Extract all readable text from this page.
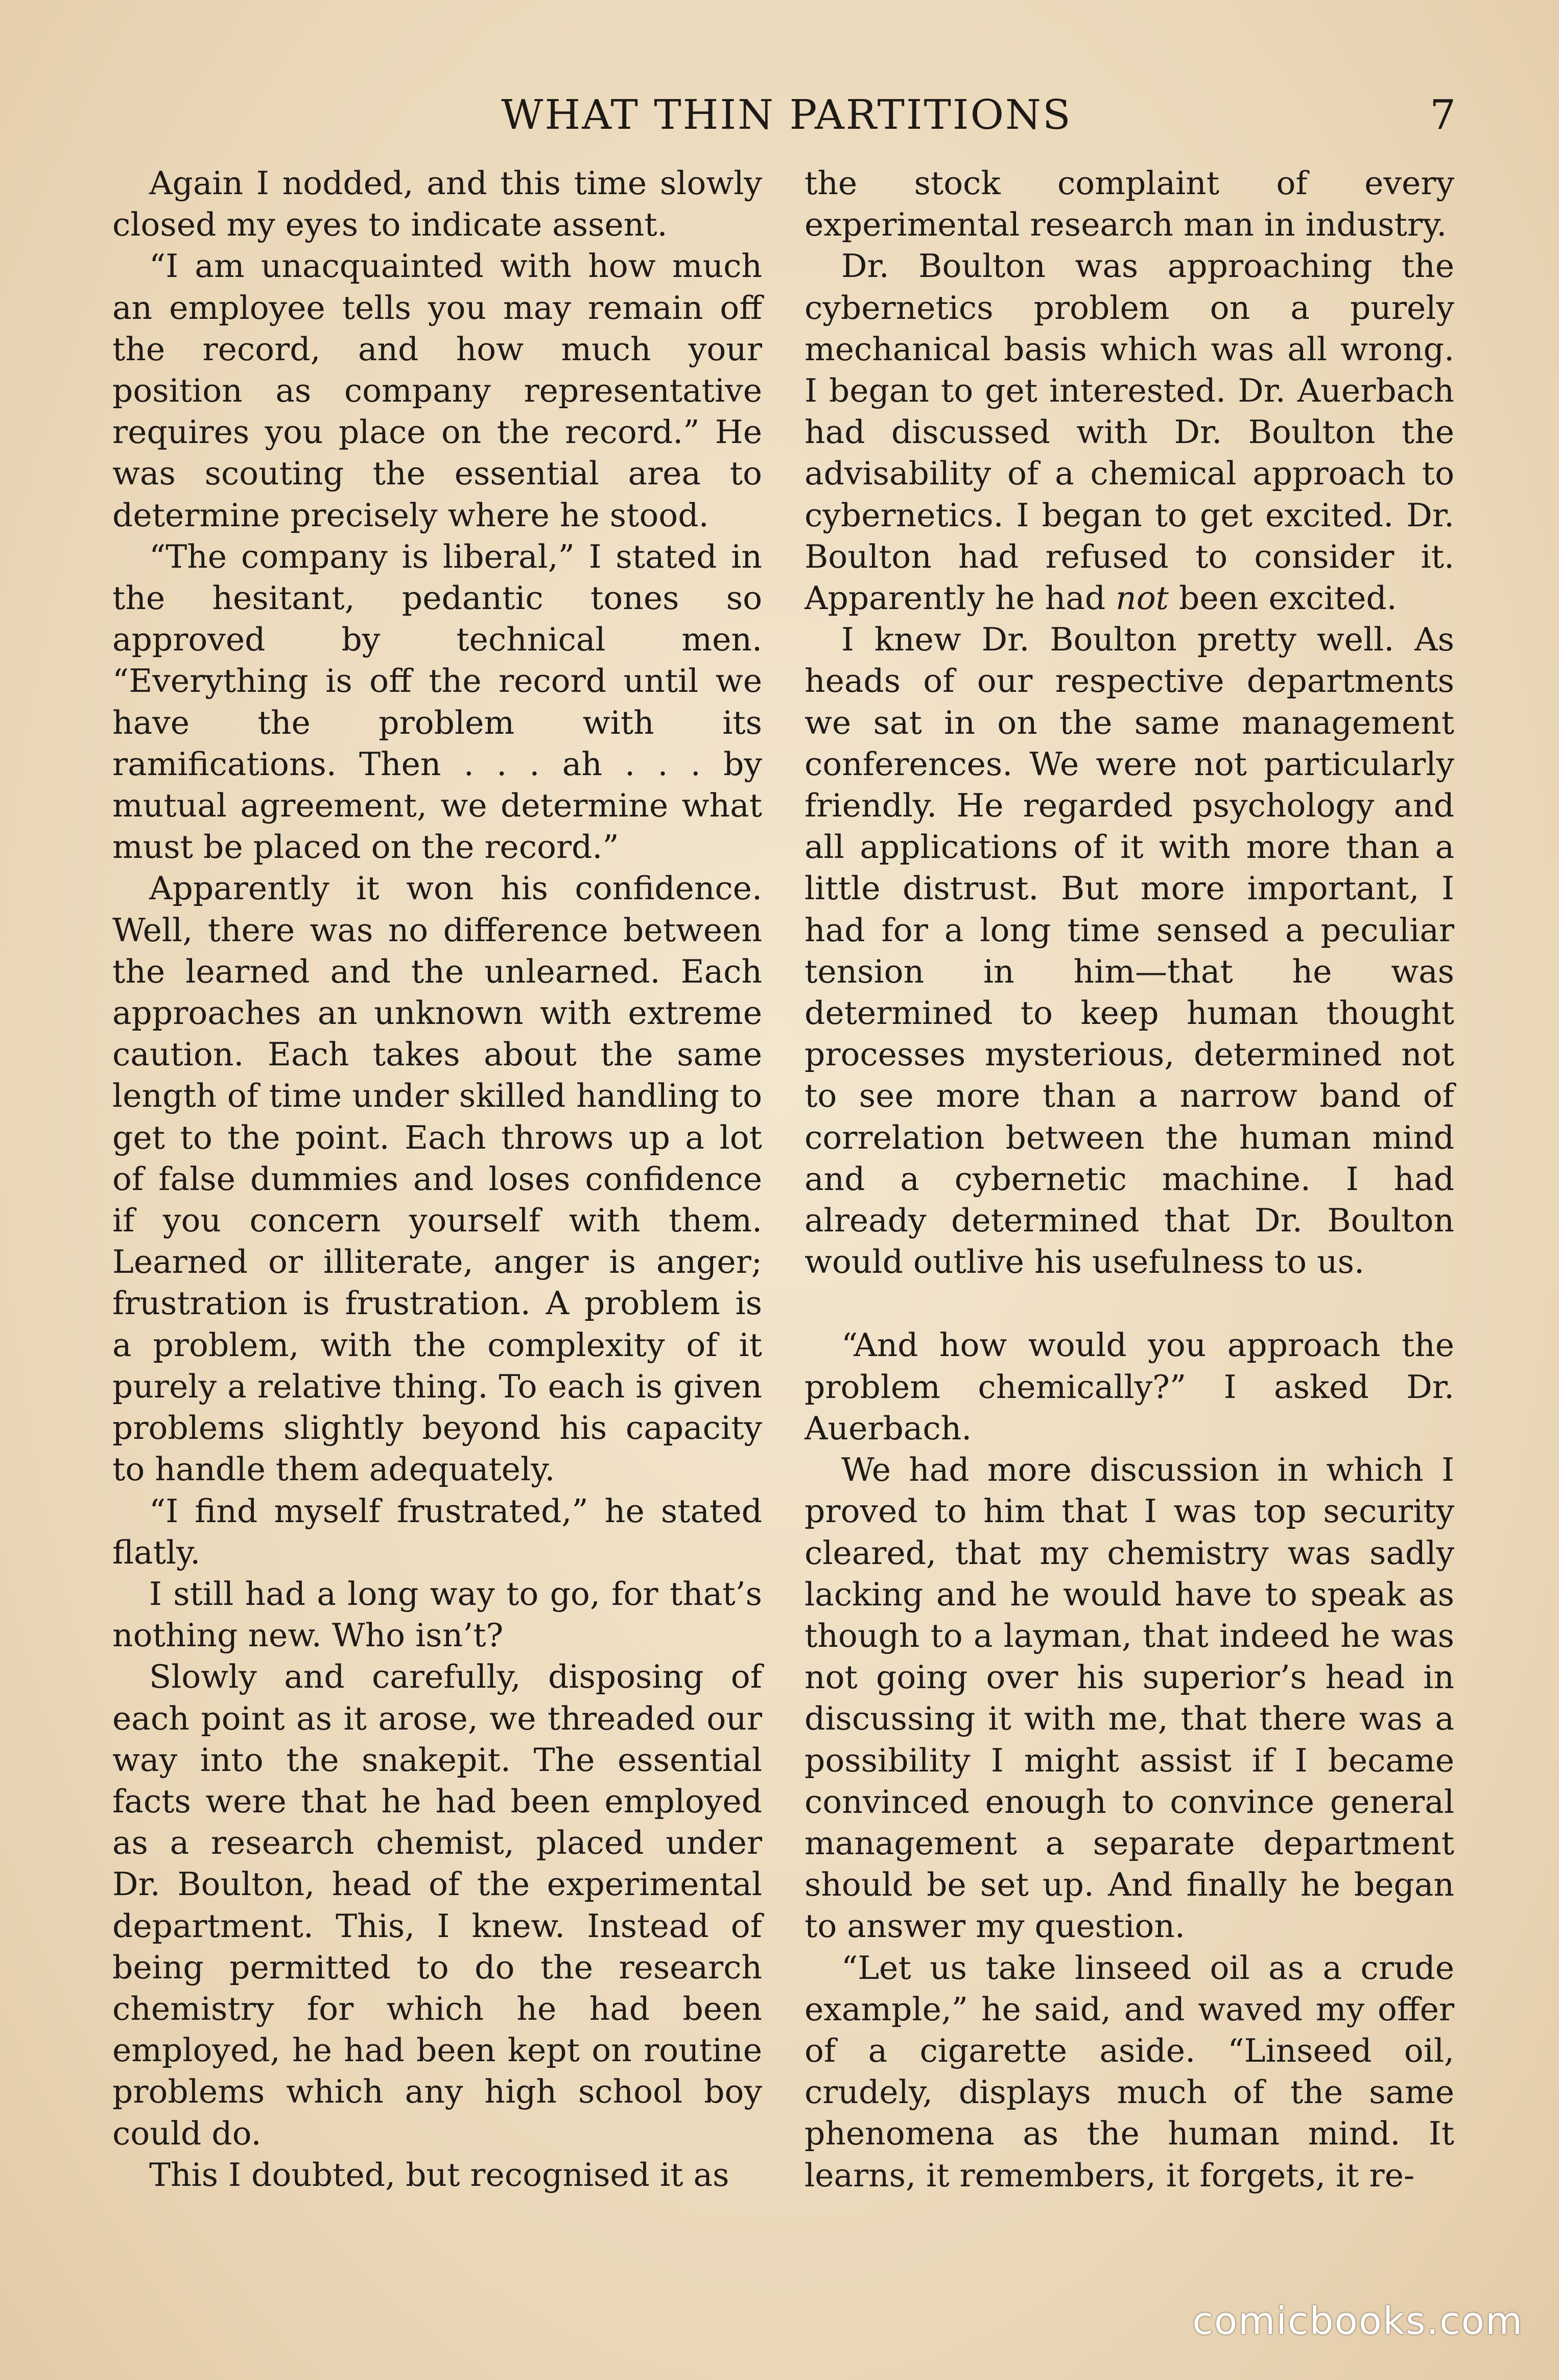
WHAT THIN PARTITIONS	7

Again I nodded, and this time slowly closed my eyes to indicate assent.

“I am unacquainted with how much an employee tells you may remain off the record, and how much your position as company representative requires you place on the record.” He was scouting the essential area to determine precisely where he stood.

“The company is liberal,” I stated in the hesitant, pedantic tones so approved by technical men. “Everything is off the record until we have the problem with its ramifications. Then . . . ah . . . by mutual agreement, we determine what must be placed on the record.”

Apparently it won his confidence. Well, there was no difference between the learned and the unlearned. Each approaches an unknown with extreme caution. Each takes about the same length of time under skilled handling to get to the point. Each throws up a lot of false dummies and loses confidence if you concern yourself with them. Learned or illiterate, anger is anger; frustration is frustration. A problem is a problem, with the complexity of it purely a relative thing. To each is given problems slightly beyond his capacity to handle them adequately.

“I find myself frustrated,” he stated flatly.

I still had a long way to go, for that’s nothing new. Who isn’t?

Slowly and carefully, disposing of each point as it arose, we threaded our way into the snakepit. The essential facts were that he had been employed as a research chemist, placed under Dr. Boulton, head of the experimental department. This, I knew. Instead of being permitted to do the research chemistry for which he had been employed, he had been kept on routine problems which any high school boy could do.

This I doubted, but recognised it as

the stock complaint of every experimental research man in industry.

Dr. Boulton was approaching the cybernetics problem on a purely mechanical basis which was all wrong. I began to get interested. Dr. Auerbach had discussed with Dr. Boulton the advisability of a chemical approach to cybernetics. I began to get excited. Dr. Boulton had refused to consider it. Apparently he had not been excited.

I knew Dr. Boulton pretty well. As heads of our respective departments we sat in on the same management conferences. We were not particularly friendly. He regarded psychology and all applications of it with more than a little distrust. But more important, I had for a long time sensed a peculiar tension in him—that he was determined to keep human thought processes mysterious, determined not to see more than a narrow band of correlation between the human mind and a cybernetic machine. I had already determined that Dr. Boulton would outlive his usefulness to us.

“And how would you approach the problem chemically?” I asked Dr. Auerbach.

We had more discussion in which I proved to him that I was top security cleared, that my chemistry was sadly lacking and he would have to speak as though to a layman, that indeed he was not going over his superior’s head in discussing it with me, that there was a possibility I might assist if I became convinced enough to convince general management a separate department should be set up. And finally he began to answer my question.

“Let us take linseed oil as a crude example,” he said, and waved my offer of a cigarette aside. “Linseed oil, crudely, displays much of the same phenomena as the human mind. It learns, it remembers, it forgets, it re-

comicbooks.com
